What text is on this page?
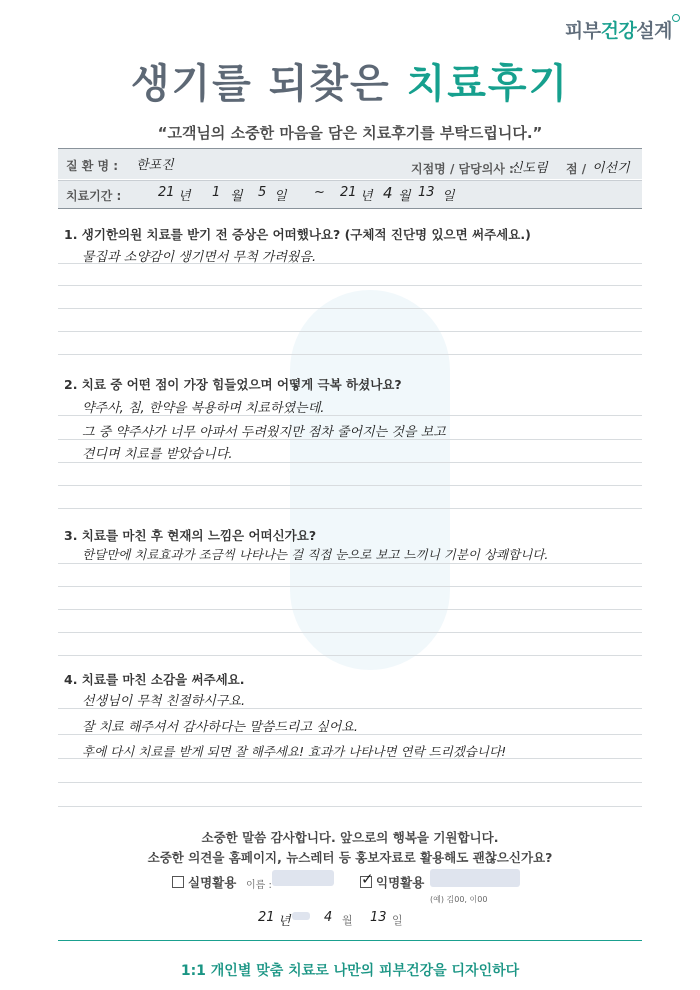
피부건강설계
생기를 되찾은 치료후기
“고객님의 소중한 마음을 담은 치료후기를 부탁드립니다.”
질 환 명 : 한포진	지점명 / 담당의사 :
신도림 점 / 이선기
치료기간 :	21 년 1 월 5 일 ~ 21 년 4 월 13 일
1. 생기한의원 치료를 받기 전 증상은 어떠했나요? (구체적 진단명 있으면 써주세요.)
물집과 소양감이 생기면서 무척 가려웠음.
2. 치료 중 어떤 점이 가장 힘들었으며 어떻게 극복 하셨나요?
약주사, 침, 한약을 복용하며 치료하였는데.
그 중 약주사가 너무 아파서 두려웠지만 점차 줄어지는 것을 보고
견디며 치료를 받았습니다.
3. 치료를 마친 후 현재의 느낌은 어떠신가요?
한달만에 치료효과가 조금씩 나타나는 걸 직접 눈으로 보고 느끼니 기분이 상쾌합니다.
4. 치료를 마친 소감을 써주세요.
선생님이 무척 친절하시구요.
잘 치료 해주셔서 감사하다는 말씀드리고 싶어요.
후에 다시 치료를 받게 되면 잘 해주세요! 효과가 나타나면 연락 드리겠습니다!
소중한 말씀 감사합니다. 앞으로의 행복을 기원합니다.
소중한 의견을 홈페이지, 뉴스레터 등 홍보자료로 활용해도 괜찮으신가요?
실명활용 이름 :
✓	익명활용
(예) 김00, 이00
21 년	4 월 13 일
1:1 개인별 맞춤 치료로 나만의 피부건강을 디자인하다
